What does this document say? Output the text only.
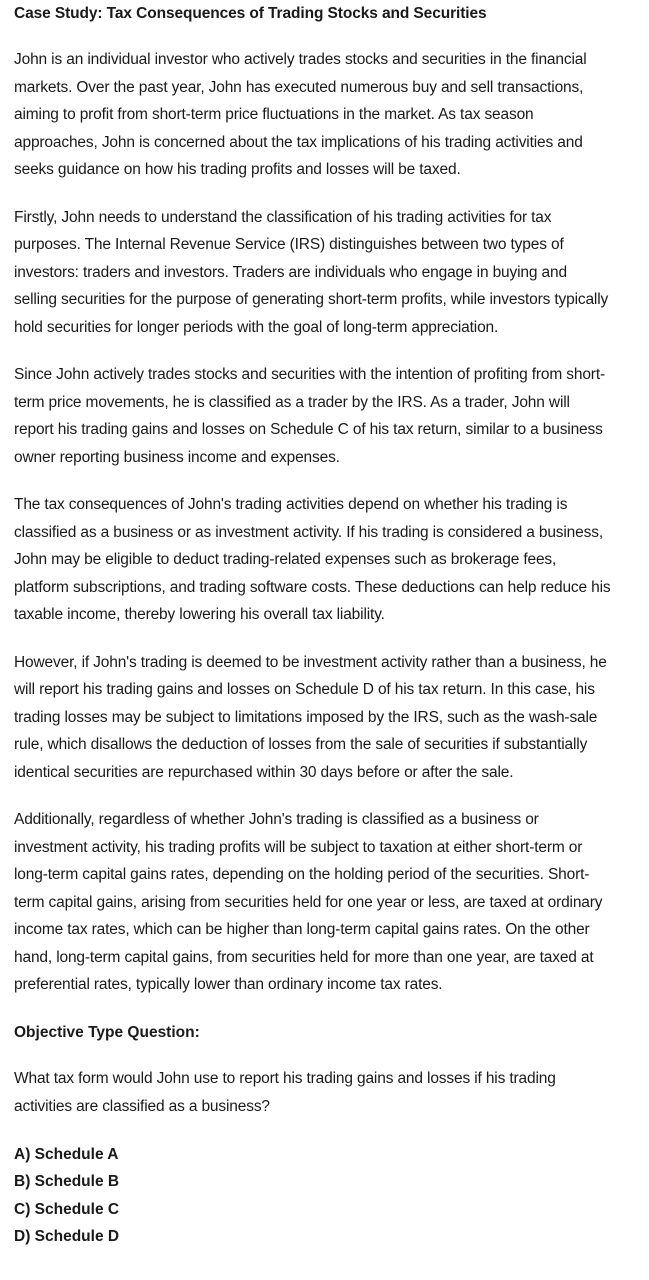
Case Study: Tax Consequences of Trading Stocks and Securities

John is an individual investor who actively trades stocks and securities in the financial markets. Over the past year, John has executed numerous buy and sell transactions, aiming to profit from short-term price fluctuations in the market. As tax season approaches, John is concerned about the tax implications of his trading activities and seeks guidance on how his trading profits and losses will be taxed.

Firstly, John needs to understand the classification of his trading activities for tax purposes. The Internal Revenue Service (IRS) distinguishes between two types of investors: traders and investors. Traders are individuals who engage in buying and selling securities for the purpose of generating short-term profits, while investors typically hold securities for longer periods with the goal of long-term appreciation.

Since John actively trades stocks and securities with the intention of profiting from short-term price movements, he is classified as a trader by the IRS. As a trader, John will report his trading gains and losses on Schedule C of his tax return, similar to a business owner reporting business income and expenses.

The tax consequences of John's trading activities depend on whether his trading is classified as a business or as investment activity. If his trading is considered a business, John may be eligible to deduct trading-related expenses such as brokerage fees, platform subscriptions, and trading software costs. These deductions can help reduce his taxable income, thereby lowering his overall tax liability.

However, if John's trading is deemed to be investment activity rather than a business, he will report his trading gains and losses on Schedule D of his tax return. In this case, his trading losses may be subject to limitations imposed by the IRS, such as the wash-sale rule, which disallows the deduction of losses from the sale of securities if substantially identical securities are repurchased within 30 days before or after the sale.

Additionally, regardless of whether John's trading is classified as a business or investment activity, his trading profits will be subject to taxation at either short-term or long-term capital gains rates, depending on the holding period of the securities. Short-term capital gains, arising from securities held for one year or less, are taxed at ordinary income tax rates, which can be higher than long-term capital gains rates. On the other hand, long-term capital gains, from securities held for more than one year, are taxed at preferential rates, typically lower than ordinary income tax rates.

Objective Type Question:

What tax form would John use to report his trading gains and losses if his trading activities are classified as a business?

A) Schedule A
B) Schedule B
C) Schedule C
D) Schedule D
